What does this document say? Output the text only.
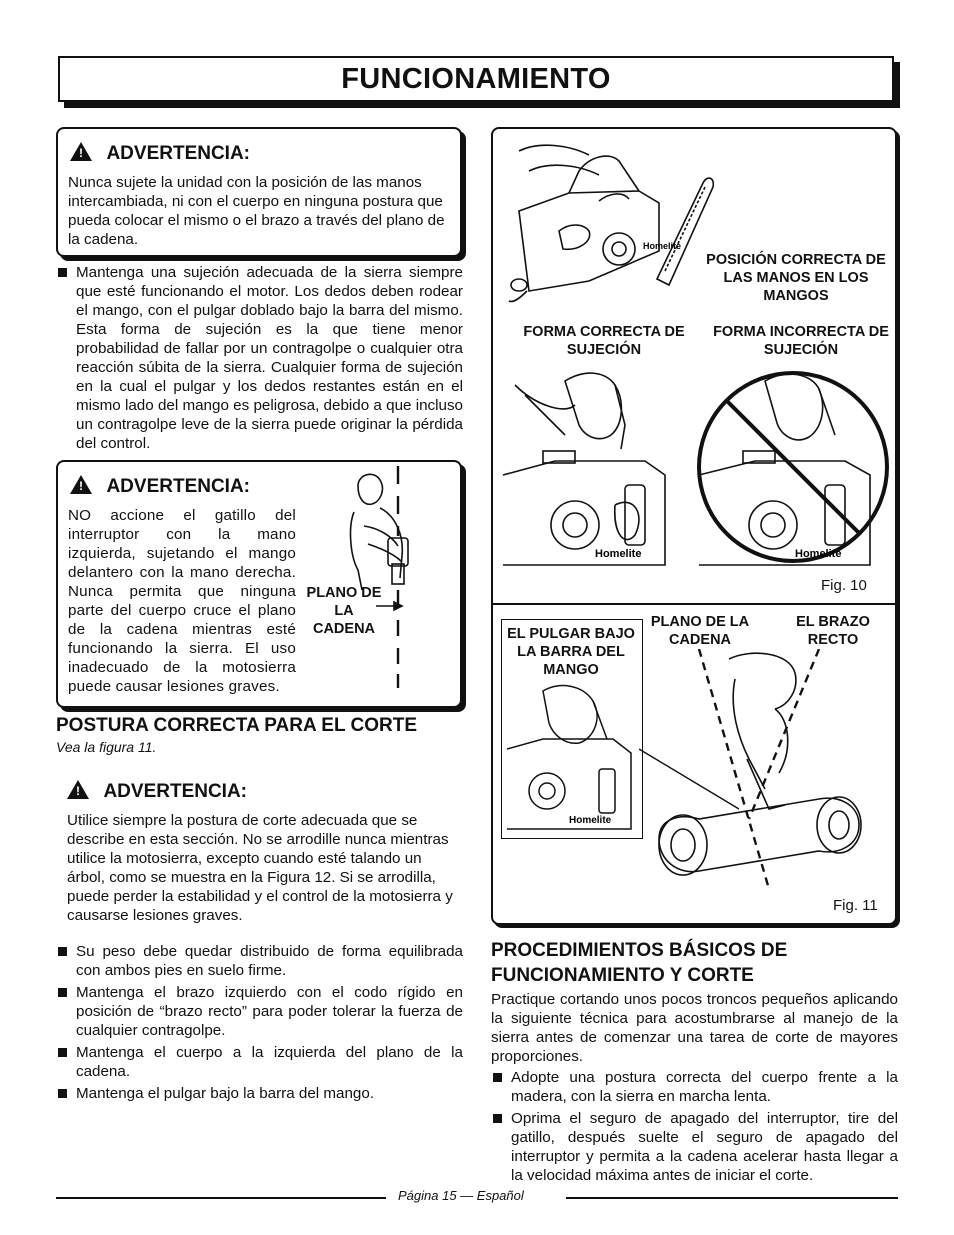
FUNCIONAMIENTO
! ADVERTENCIA:
Nunca sujete la unidad con la posición de las manos intercambiada, ni con el cuerpo en ninguna postura que pueda colocar el mismo o el brazo a través del plano de la cadena.
Mantenga una sujeción adecuada de la sierra siempre que esté funcionando el motor. Los dedos deben rodear el mango, con el pulgar doblado bajo la barra del mismo. Esta forma de sujeción es la que tiene menor probabilidad de fallar por un contragolpe o cualquier otra reacción súbita de la sierra. Cualquier forma de sujeción en la cual el pulgar y los dedos restantes están en el mismo lado del mango es peligrosa, debido a que incluso un contragolpe leve de la sierra puede originar la pérdida del control.
! ADVERTENCIA:
NO accione el gatillo del interruptor con la mano izquierda, sujetando el mango delantero con la mano derecha. Nunca permita que ninguna parte del cuerpo cruce el plano de la cadena mientras esté funcionando la sierra. El uso inadecuado de la motosierra puede causar lesiones graves.
PLANO DE LA CADENA
POSTURA CORRECTA PARA EL CORTE
Vea la figura 11.
! ADVERTENCIA:
Utilice siempre la postura de corte adecuada que se describe en esta sección. No se arrodille nunca mientras utilice la motosierra, excepto cuando esté talando un árbol, como se muestra en la Figura 12. Si se arrodilla, puede perder la estabilidad y el control de la motosierra y causarse lesiones graves.
Su peso debe quedar distribuido de forma equilibrada con ambos pies en suelo firme.
Mantenga el brazo izquierdo con el codo rígido en posición de “brazo recto” para poder tolerar la fuerza de cualquier contragolpe.
Mantenga el cuerpo a la izquierda del plano de la cadena.
Mantenga el pulgar bajo la barra del mango.
Homelite
POSICIÓN CORRECTA DE LAS MANOS EN LOS MANGOS
FORMA CORRECTA DE SUJECIÓN
FORMA INCORRECTA DE SUJECIÓN
Homelite	Homelite
Fig. 10
EL PULGAR BAJO LA BARRA DEL MANGO
Homelite
PLANO DE LA CADENA
EL BRAZO RECTO
Fig. 11
PROCEDIMIENTOS BÁSICOS DE FUNCIONAMIENTO Y CORTE
Practique cortando unos pocos troncos pequeños aplicando la siguiente técnica para acostumbrarse al manejo de la sierra antes de comenzar una tarea de corte de mayores proporciones.
Adopte una postura correcta del cuerpo frente a la madera, con la sierra en marcha lenta.
Oprima el seguro de apagado del interruptor, tire del gatillo, después suelte el seguro de apagado del interruptor y permita a la cadena acelerar hasta llegar a la velocidad máxima antes de iniciar el corte.
Página 15 — Español
